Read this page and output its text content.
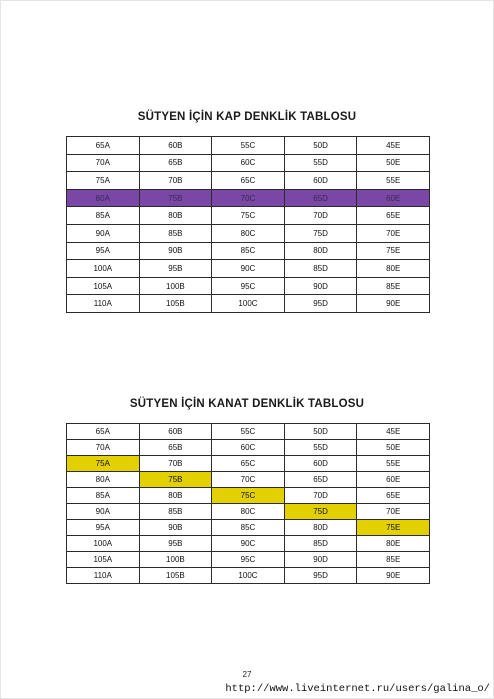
SÜTYEN İÇİN KAP DENKLİK TABLOSU
65A	60B	55C	50D	45E
70A	65B	60C	55D	50E
75A	70B	65C	60D	55E
80A	75B	70C	65D	60E
85A	80B	75C	70D	65E
90A	85B	80C	75D	70E
95A	90B	85C	80D	75E
100A	95B	90C	85D	80E
105A	100B	95C	90D	85E
110A	105B	100C	95D	90E
SÜTYEN İÇİN KANAT DENKLİK TABLOSU
65A	60B	55C	50D	45E
70A	65B	60C	55D	50E
75A	70B	65C	60D	55E
80A	75B	70C	65D	60E
85A	80B	75C	70D	65E
90A	85B	80C	75D	70E
95A	90B	85C	80D	75E
100A	95B	90C	85D	80E
105A	100B	95C	90D	85E
110A	105B	100C	95D	90E
27
http://www.liveinternet.ru/users/galina_o/
